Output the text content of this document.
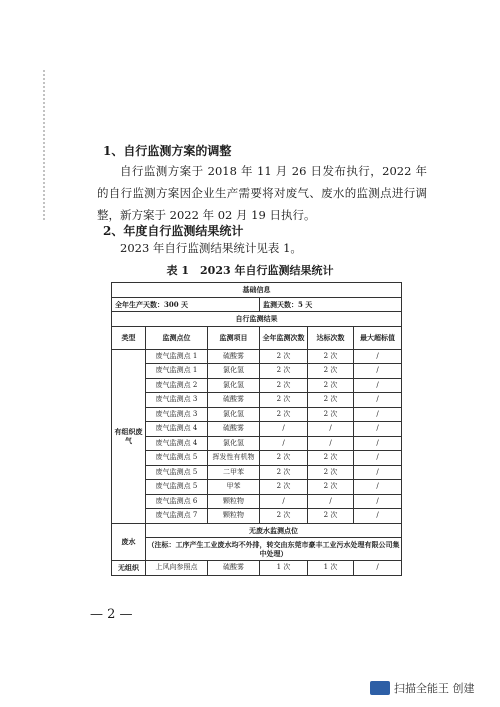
1、自行监测方案的调整
自行监测方案于 2018 年 11 月 26 日发布执行，2022 年的自行监测方案因企业生产需要将对废气、废水的监测点进行调整，新方案于 2022 年 02 月 19 日执行。
2、年度自行监测结果统计
2023 年自行监测结果统计见表 1。
表 1　2023 年自行监测结果统计
基础信息					
全年生产天数：300 天			监测天数：5 天		
自行监测结果					
类型	监测点位	监测项目	全年监测次数	达标次数	最大超标值
有组织废气	废气监测点 1	硫酸雾	2 次	2 次	/
	废气监测点 1	氯化氢	2 次	2 次	/
	废气监测点 2	氯化氢	2 次	2 次	/
	废气监测点 3	硫酸雾	2 次	2 次	/
	废气监测点 3	氯化氢	2 次	2 次	/
	废气监测点 4	硫酸雾	/	/	/
	废气监测点 4	氯化氢	/	/	/
	废气监测点 5	挥发性有机物	2 次	2 次	/
	废气监测点 5	二甲苯	2 次	2 次	/
	废气监测点 5	甲苯	2 次	2 次	/
	废气监测点 6	颗粒物	/	/	/
	废气监测点 7	颗粒物	2 次	2 次	/
废水	无废水监测点位				
	（注标：工序产生工业废水均不外排，转交由东莞市豪丰工业污水处理有限公司集中处理）				
无组织	上风向参照点	硫酸雾	1 次	1 次	/
— 2 —
扫描全能王 创建
